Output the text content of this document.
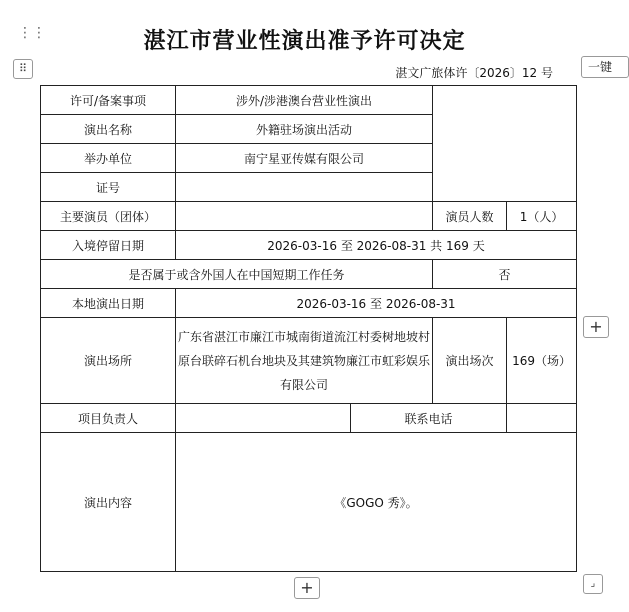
湛江市营业性演出准予许可决定
⋮⋮
⠿	湛文广旅体许〔2026〕12 号	一键
许可/备案事项	涉外/涉港澳台营业性演出			
演出名称	外籍驻场演出活动			
举办单位	南宁星亚传媒有限公司			
证号				
主要演员（团体）			演员人数	1（人）
入境停留日期	2026-03-16 至 2026-08-31 共 169 天			
是否属于或含外国人在中国短期工作任务			否	
本地演出日期	2026-03-16 至 2026-08-31			
演出场所	广东省湛江市廉江市城南街道流江村委树地坡村原台联碎石机台地块及其建筑物廉江市虹彩娱乐有限公司		演出场次	169（场）
项目负责人		联系电话		
演出内容	《GOGO 秀》。			
+
+	⌟
